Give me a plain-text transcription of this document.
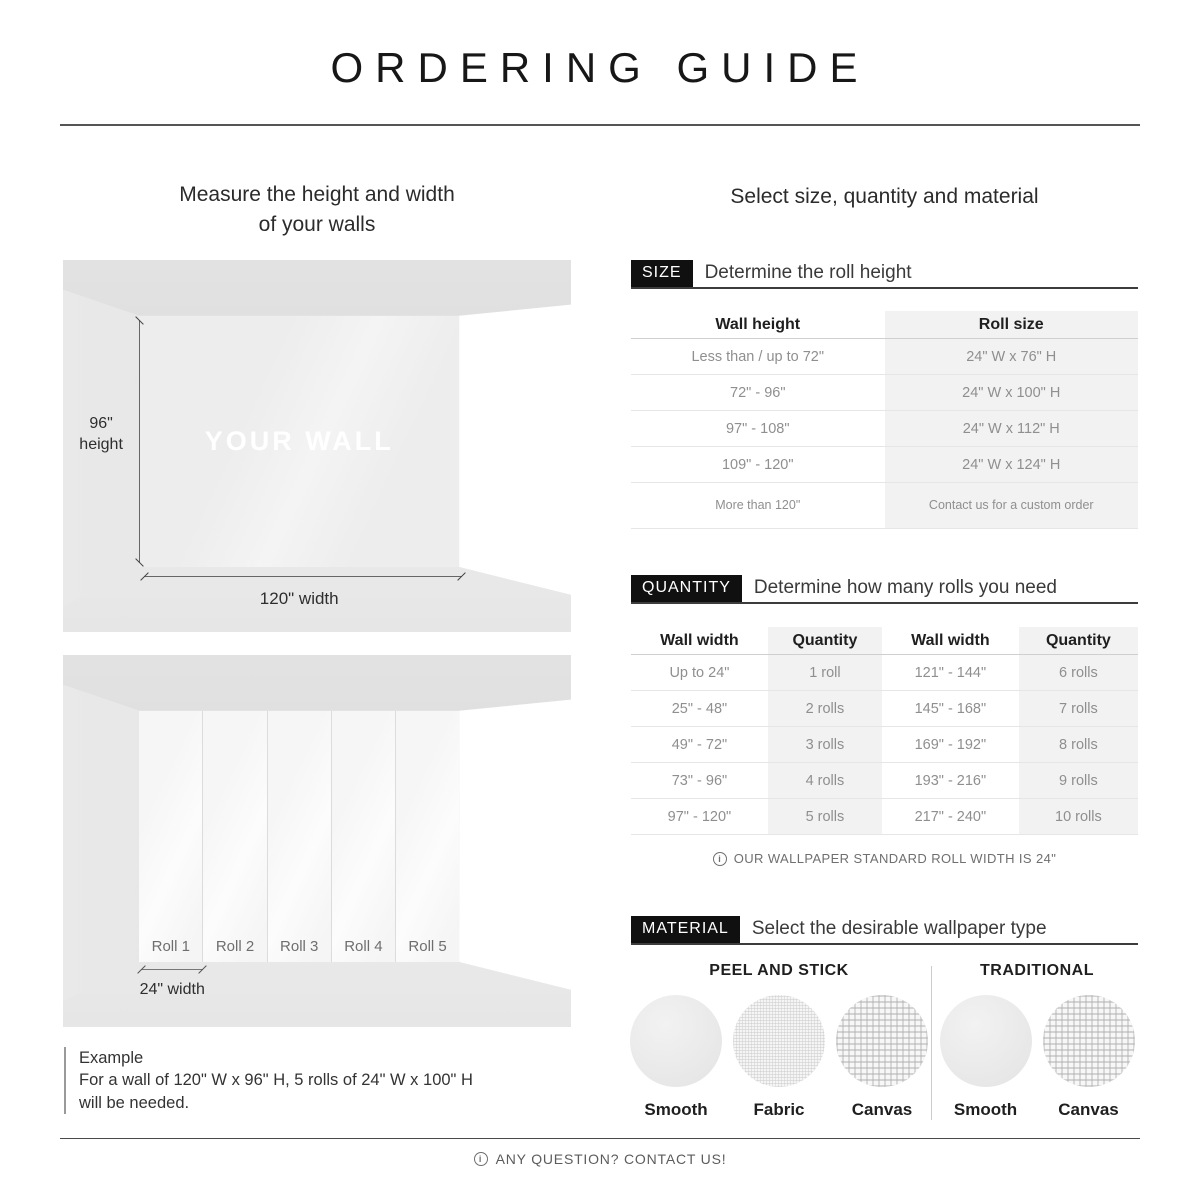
ORDERING GUIDE
Measure the height and width
of your walls
YOUR WALL
96"
height
120" width
Roll 1 Roll 2 Roll 3 Roll 4 Roll 5
24" width
Example
For a wall of 120" W x 96" H, 5 rolls of 24" W x 100" H
will be needed.
Select size, quantity and material
SIZE	Determine the roll height
Wall height	Roll size
Less than / up to 72"	24" W x 76" H
72" - 96"	24" W x 100" H
97" - 108"	24" W x 112" H
109" - 120"	24" W x 124" H
More than 120"	Contact us for a custom order
QUANTITY	Determine how many rolls you need
Wall width	Quantity	Wall width	Quantity
Up to 24"	1 roll	121" - 144"	6 rolls
25" - 48"	2 rolls	145" - 168"	7 rolls
49" - 72"	3 rolls	169" - 192"	8 rolls
73" - 96"	4 rolls	193" - 216"	9 rolls
97" - 120"	5 rolls	217" - 240"	10 rolls
i OUR WALLPAPER STANDARD ROLL WIDTH IS 24"
MATERIAL	Select the desirable wallpaper type
PEEL AND STICK
Smooth	Fabric	Canvas
TRADITIONAL
Smooth Canvas
i ANY QUESTION? CONTACT US!
